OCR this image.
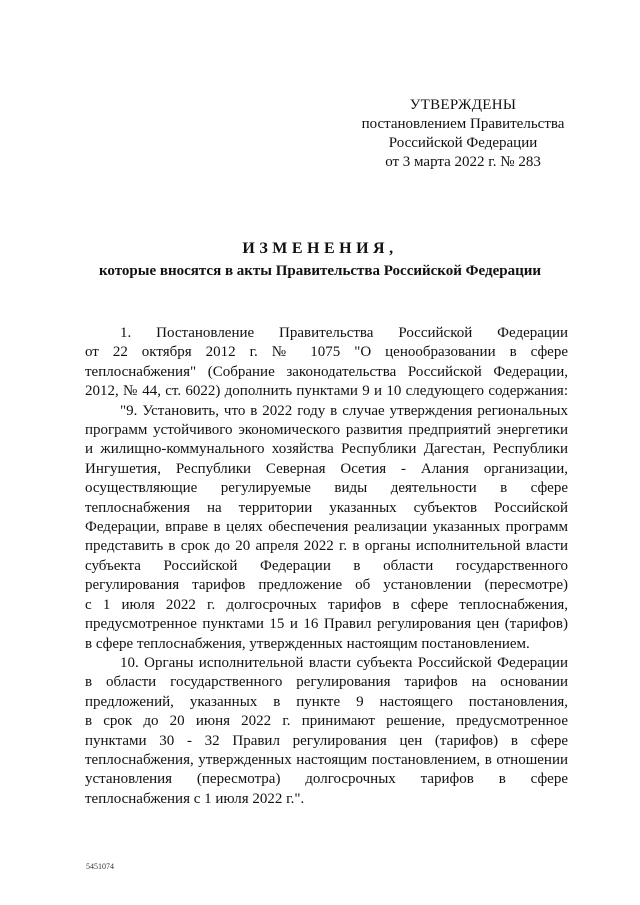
УТВЕРЖДЕНЫ
постановлением Правительства
Российской Федерации
от 3 марта 2022 г. № 283
ИЗМЕНЕНИЯ,
которые вносятся в акты Правительства Российской Федерации
1. Постановление Правительства Российской Федерации
от 22 октября 2012 г. № 1075 "О ценообразовании в сфере
теплоснабжения" (Собрание законодательства Российской Федерации,
2012, № 44, ст. 6022) дополнить пунктами 9 и 10 следующего содержания:
"9. Установить, что в 2022 году в случае утверждения региональных
программ устойчивого экономического развития предприятий энергетики
и жилищно-коммунального хозяйства Республики Дагестан, Республики
Ингушетия, Республики Северная Осетия - Алания организации,
осуществляющие регулируемые виды деятельности в сфере
теплоснабжения на территории указанных субъектов Российской
Федерации, вправе в целях обеспечения реализации указанных программ
представить в срок до 20 апреля 2022 г. в органы исполнительной власти
субъекта Российской Федерации в области государственного
регулирования тарифов предложение об установлении (пересмотре)
с 1 июля 2022 г. долгосрочных тарифов в сфере теплоснабжения,
предусмотренное пунктами 15 и 16 Правил регулирования цен (тарифов)
в сфере теплоснабжения, утвержденных настоящим постановлением.
10. Органы исполнительной власти субъекта Российской Федерации
в области государственного регулирования тарифов на основании
предложений, указанных в пункте 9 настоящего постановления,
в срок до 20 июня 2022 г. принимают решение, предусмотренное
пунктами 30 - 32 Правил регулирования цен (тарифов) в сфере
теплоснабжения, утвержденных настоящим постановлением, в отношении
установления (пересмотра) долгосрочных тарифов в сфере
теплоснабжения с 1 июля 2022 г.".
5451074
